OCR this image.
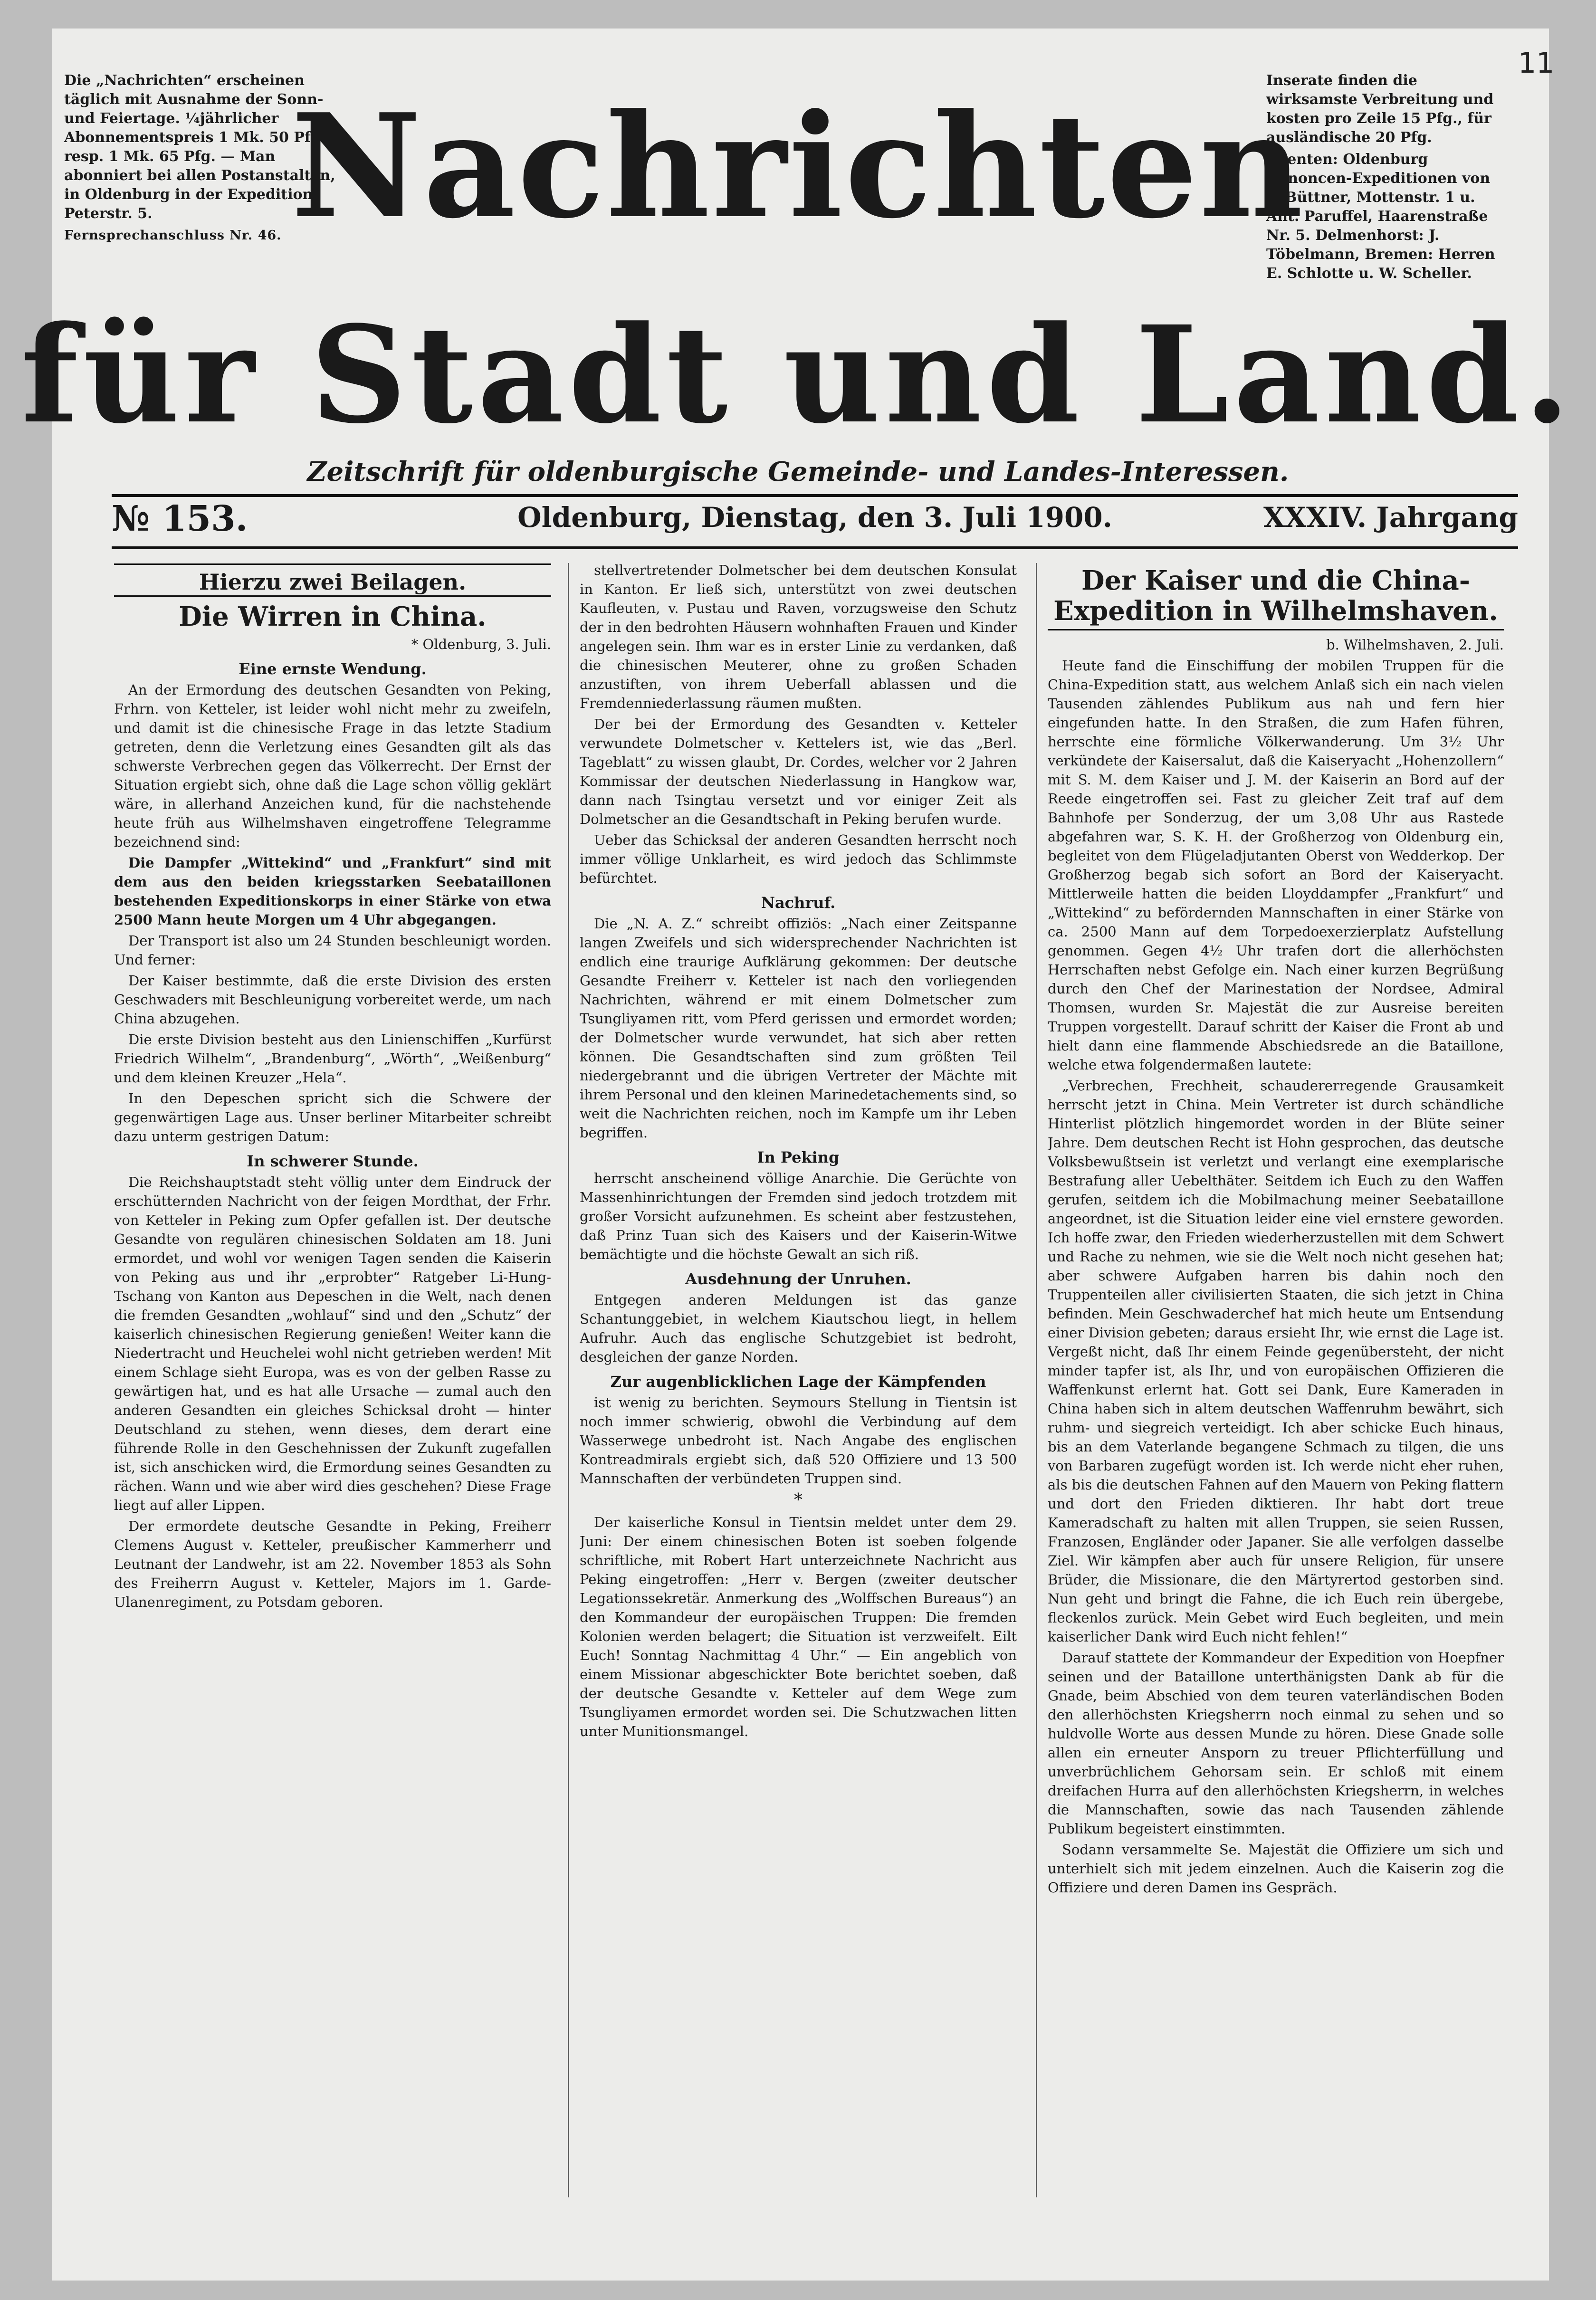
11

Die „Nachrichten“ erscheinen täglich mit Ausnahme der Sonn- und Feiertage. ¼jährlicher Abonnementspreis 1 Mk. 50 Pfg. resp. 1 Mk. 65 Pfg. — Man abonniert bei allen Postanstalten, in Oldenburg in der Expedition Peterstr. 5.

Fernsprechanschluss Nr. 46.

Inserate finden die wirksamste Verbreitung und kosten pro Zeile 15 Pfg., für ausländische 20 Pfg.

Agenten: Oldenburg Annoncen-Expeditionen von F. Büttner, Mottenstr. 1 u. Ant. Paruffel, Haarenstraße Nr. 5. Delmenhorst: J. Töbelmann, Bremen: Herren E. Schlotte u. W. Scheller.

Nachrichten
für Stadt und Land.
Zeitschrift für oldenburgische Gemeinde- und Landes-Interessen.
№ 153.	Oldenburg, Dienstag, den 3. Juli 1900.	XXXIV. Jahrgang
Hierzu zwei Beilagen.
Die Wirren in China.

* Oldenburg, 3. Juli.

Eine ernste Wendung.

An der Ermordung des deutschen Gesandten von Peking, Frhrn. von Ketteler, ist leider wohl nicht mehr zu zweifeln, und damit ist die chinesische Frage in das letzte Stadium getreten, denn die Verletzung eines Gesandten gilt als das schwerste Verbrechen gegen das Völkerrecht. Der Ernst der Situation ergiebt sich, ohne daß die Lage schon völlig geklärt wäre, in allerhand Anzeichen kund, für die nachstehende heute früh aus Wilhelmshaven eingetroffene Telegramme bezeichnend sind:

Die Dampfer „Wittekind“ und „Frankfurt“ sind mit dem aus den beiden kriegsstarken Seebataillonen bestehenden Expeditionskorps in einer Stärke von etwa 2500 Mann heute Morgen um 4 Uhr abgegangen.

Der Transport ist also um 24 Stunden beschleunigt worden. Und ferner:

Der Kaiser bestimmte, daß die erste Division des ersten Geschwaders mit Beschleunigung vorbereitet werde, um nach China abzugehen.

Die erste Division besteht aus den Linienschiffen „Kurfürst Friedrich Wilhelm“, „Brandenburg“, „Wörth“, „Weißenburg“ und dem kleinen Kreuzer „Hela“.

In den Depeschen spricht sich die Schwere der gegenwärtigen Lage aus. Unser berliner Mitarbeiter schreibt dazu unterm gestrigen Datum:

In schwerer Stunde.

Die Reichshauptstadt steht völlig unter dem Eindruck der erschütternden Nachricht von der feigen Mordthat, der Frhr. von Ketteler in Peking zum Opfer gefallen ist. Der deutsche Gesandte von regulären chinesischen Soldaten am 18. Juni ermordet, und wohl vor wenigen Tagen senden die Kaiserin von Peking aus und ihr „erprobter“ Ratgeber Li-Hung-Tschang von Kanton aus Depeschen in die Welt, nach denen die fremden Gesandten „wohlauf“ sind und den „Schutz“ der kaiserlich chinesischen Regierung genießen! Weiter kann die Niedertracht und Heuchelei wohl nicht getrieben werden! Mit einem Schlage sieht Europa, was es von der gelben Rasse zu gewärtigen hat, und es hat alle Ursache — zumal auch den anderen Gesandten ein gleiches Schicksal droht — hinter Deutschland zu stehen, wenn dieses, dem derart eine führende Rolle in den Geschehnissen der Zukunft zugefallen ist, sich anschicken wird, die Ermordung seines Gesandten zu rächen. Wann und wie aber wird dies geschehen? Diese Frage liegt auf aller Lippen.

Der ermordete deutsche Gesandte in Peking, Freiherr Clemens August v. Ketteler, preußischer Kammerherr und Leutnant der Landwehr, ist am 22. November 1853 als Sohn des Freiherrn August v. Ketteler, Majors im 1. Garde-Ulanenregiment, zu Potsdam geboren.

stellvertretender Dolmetscher bei dem deutschen Konsulat in Kanton. Er ließ sich, unterstützt von zwei deutschen Kaufleuten, v. Pustau und Raven, vorzugsweise den Schutz der in den bedrohten Häusern wohnhaften Frauen und Kinder angelegen sein. Ihm war es in erster Linie zu verdanken, daß die chinesischen Meuterer, ohne zu großen Schaden anzustiften, von ihrem Ueberfall ablassen und die Fremdenniederlassung räumen mußten.

Der bei der Ermordung des Gesandten v. Ketteler verwundete Dolmetscher v. Kettelers ist, wie das „Berl. Tageblatt“ zu wissen glaubt, Dr. Cordes, welcher vor 2 Jahren Kommissar der deutschen Niederlassung in Hangkow war, dann nach Tsingtau versetzt und vor einiger Zeit als Dolmetscher an die Gesandtschaft in Peking berufen wurde.

Ueber das Schicksal der anderen Gesandten herrscht noch immer völlige Unklarheit, es wird jedoch das Schlimmste befürchtet.

Nachruf.

Die „N. A. Z.“ schreibt offiziös: „Nach einer Zeitspanne langen Zweifels und sich widersprechender Nachrichten ist endlich eine traurige Aufklärung gekommen: Der deutsche Gesandte Freiherr v. Ketteler ist nach den vorliegenden Nachrichten, während er mit einem Dolmetscher zum Tsungliyamen ritt, vom Pferd gerissen und ermordet worden; der Dolmetscher wurde verwundet, hat sich aber retten können. Die Gesandtschaften sind zum größten Teil niedergebrannt und die übrigen Vertreter der Mächte mit ihrem Personal und den kleinen Marinedetachements sind, so weit die Nachrichten reichen, noch im Kampfe um ihr Leben begriffen.

In Peking

herrscht anscheinend völlige Anarchie. Die Gerüchte von Massenhinrichtungen der Fremden sind jedoch trotzdem mit großer Vorsicht aufzunehmen. Es scheint aber festzustehen, daß Prinz Tuan sich des Kaisers und der Kaiserin-Witwe bemächtigte und die höchste Gewalt an sich riß.

Ausdehnung der Unruhen.

Entgegen anderen Meldungen ist das ganze Schantunggebiet, in welchem Kiautschou liegt, in hellem Aufruhr. Auch das englische Schutzgebiet ist bedroht, desgleichen der ganze Norden.

Zur augenblicklichen Lage der Kämpfenden

ist wenig zu berichten. Seymours Stellung in Tientsin ist noch immer schwierig, obwohl die Verbindung auf dem Wasserwege unbedroht ist. Nach Angabe des englischen Kontreadmirals ergiebt sich, daß 520 Offiziere und 13 500 Mannschaften der verbündeten Truppen sind.

*

Der kaiserliche Konsul in Tientsin meldet unter dem 29. Juni: Der einem chinesischen Boten ist soeben folgende schriftliche, mit Robert Hart unterzeichnete Nachricht aus Peking eingetroffen: „Herr v. Bergen (zweiter deutscher Legationssekretär. Anmerkung des „Wolffschen Bureaus“) an den Kommandeur der europäischen Truppen: Die fremden Kolonien werden belagert; die Situation ist verzweifelt. Eilt Euch! Sonntag Nachmittag 4 Uhr.“ — Ein angeblich von einem Missionar abgeschickter Bote berichtet soeben, daß der deutsche Gesandte v. Ketteler auf dem Wege zum Tsungliyamen ermordet worden sei. Die Schutzwachen litten unter Munitionsmangel.

Der Kaiser und die China-Expedition in Wilhelmshaven.

b. Wilhelmshaven, 2. Juli.

Heute fand die Einschiffung der mobilen Truppen für die China-Expedition statt, aus welchem Anlaß sich ein nach vielen Tausenden zählendes Publikum aus nah und fern hier eingefunden hatte. In den Straßen, die zum Hafen führen, herrschte eine förmliche Völkerwanderung. Um 3½ Uhr verkündete der Kaisersalut, daß die Kaiseryacht „Hohenzollern“ mit S. M. dem Kaiser und J. M. der Kaiserin an Bord auf der Reede eingetroffen sei. Fast zu gleicher Zeit traf auf dem Bahnhofe per Sonderzug, der um 3,08 Uhr aus Rastede abgefahren war, S. K. H. der Großherzog von Oldenburg ein, begleitet von dem Flügeladjutanten Oberst von Wedderkop. Der Großherzog begab sich sofort an Bord der Kaiseryacht. Mittlerweile hatten die beiden Lloyddampfer „Frankfurt“ und „Wittekind“ zu befördernden Mannschaften in einer Stärke von ca. 2500 Mann auf dem Torpedoexerzierplatz Aufstellung genommen. Gegen 4½ Uhr trafen dort die allerhöchsten Herrschaften nebst Gefolge ein. Nach einer kurzen Begrüßung durch den Chef der Marinestation der Nordsee, Admiral Thomsen, wurden Sr. Majestät die zur Ausreise bereiten Truppen vorgestellt. Darauf schritt der Kaiser die Front ab und hielt dann eine flammende Abschiedsrede an die Bataillone, welche etwa folgendermaßen lautete:

„Verbrechen, Frechheit, schaudererregende Grausamkeit herrscht jetzt in China. Mein Vertreter ist durch schändliche Hinterlist plötzlich hingemordet worden in der Blüte seiner Jahre. Dem deutschen Recht ist Hohn gesprochen, das deutsche Volksbewußtsein ist verletzt und verlangt eine exemplarische Bestrafung aller Uebelthäter. Seitdem ich Euch zu den Waffen gerufen, seitdem ich die Mobilmachung meiner Seebataillone angeordnet, ist die Situation leider eine viel ernstere geworden. Ich hoffe zwar, den Frieden wiederherzustellen mit dem Schwert und Rache zu nehmen, wie sie die Welt noch nicht gesehen hat; aber schwere Aufgaben harren bis dahin noch den Truppenteilen aller civilisierten Staaten, die sich jetzt in China befinden. Mein Geschwaderchef hat mich heute um Entsendung einer Division gebeten; daraus ersieht Ihr, wie ernst die Lage ist. Vergeßt nicht, daß Ihr einem Feinde gegenübersteht, der nicht minder tapfer ist, als Ihr, und von europäischen Offizieren die Waffenkunst erlernt hat. Gott sei Dank, Eure Kameraden in China haben sich in altem deutschen Waffenruhm bewährt, sich ruhm- und siegreich verteidigt. Ich aber schicke Euch hinaus, bis an dem Vaterlande begangene Schmach zu tilgen, die uns von Barbaren zugefügt worden ist. Ich werde nicht eher ruhen, als bis die deutschen Fahnen auf den Mauern von Peking flattern und dort den Frieden diktieren. Ihr habt dort treue Kameradschaft zu halten mit allen Truppen, sie seien Russen, Franzosen, Engländer oder Japaner. Sie alle verfolgen dasselbe Ziel. Wir kämpfen aber auch für unsere Religion, für unsere Brüder, die Missionare, die den Märtyrertod gestorben sind. Nun geht und bringt die Fahne, die ich Euch rein übergebe, fleckenlos zurück. Mein Gebet wird Euch begleiten, und mein kaiserlicher Dank wird Euch nicht fehlen!“

Darauf stattete der Kommandeur der Expedition von Hoepfner seinen und der Bataillone unterthänigsten Dank ab für die Gnade, beim Abschied von dem teuren vaterländischen Boden den allerhöchsten Kriegsherrn noch einmal zu sehen und so huldvolle Worte aus dessen Munde zu hören. Diese Gnade solle allen ein erneuter Ansporn zu treuer Pflichterfüllung und unverbrüchlichem Gehorsam sein. Er schloß mit einem dreifachen Hurra auf den allerhöchsten Kriegsherrn, in welches die Mannschaften, sowie das nach Tausenden zählende Publikum begeistert einstimmten.

Sodann versammelte Se. Majestät die Offiziere um sich und unterhielt sich mit jedem einzelnen. Auch die Kaiserin zog die Offiziere und deren Damen ins Gespräch.
